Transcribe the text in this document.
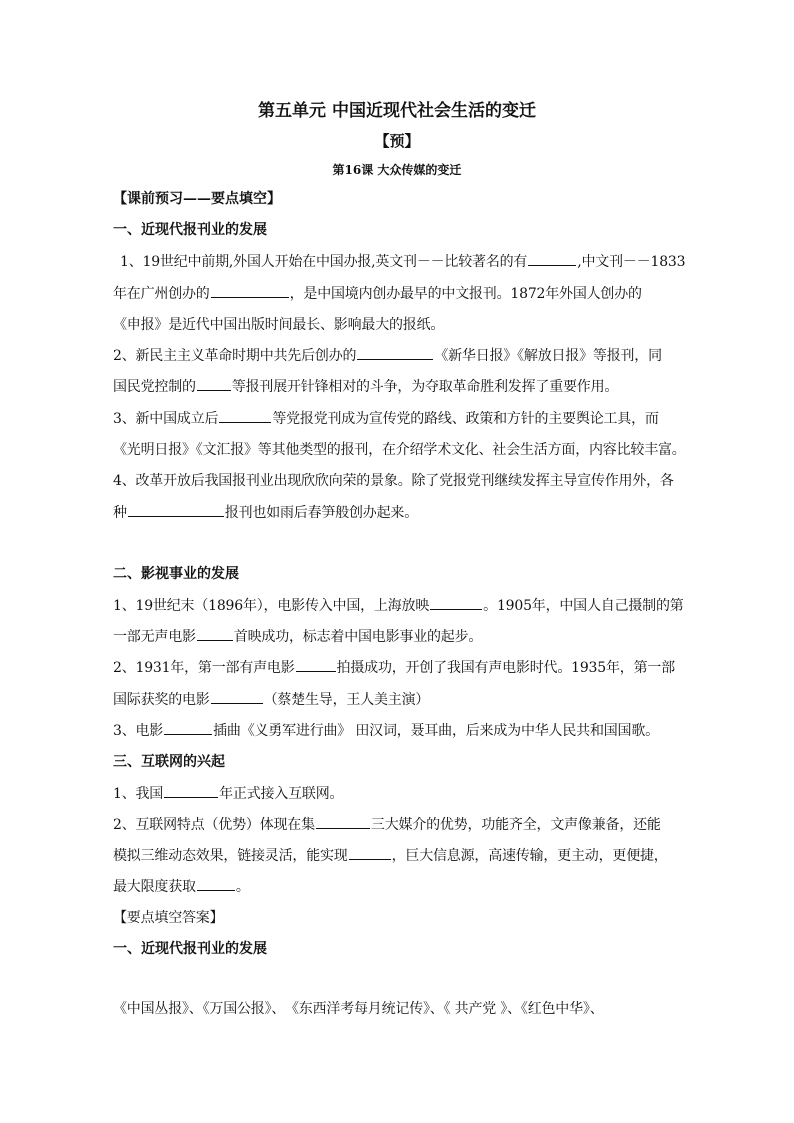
第五单元 中国近现代社会生活的变迁
【预】
第16课 大众传媒的变迁
【课前预习——要点填空】
一、近现代报刊业的发展
1、19世纪中前期,外国人开始在中国办报,英文刊－－比较著名的有	,中文刊－－1833
年在广州创办的	，是中国境内创办最早的中文报刊。1872年外国人创办的
《申报》是近代中国出版时间最长、影响最大的报纸。
2、新民主主义革命时期中共先后创办的	《新华日报》《解放日报》等报刊，同
国民党控制的	等报刊展开针锋相对的斗争，为夺取革命胜利发挥了重要作用。
3、新中国成立后	等党报党刊成为宣传党的路线、政策和方针的主要舆论工具，而
《光明日报》《文汇报》等其他类型的报刊，在介绍学术文化、社会生活方面，内容比较丰富。
4、改革开放后我国报刊业出现欣欣向荣的景象。除了党报党刊继续发挥主导宣传作用外，各
种	报刊也如雨后春笋般创办起来。
二、影视事业的发展
1、19世纪末（1896年），电影传入中国，上海放映	。1905年，中国人自己摄制的第
一部无声电影	首映成功，标志着中国电影事业的起步。
2、1931年，第一部有声电影	拍摄成功，开创了我国有声电影时代。1935年，第一部
国际获奖的电影	（蔡楚生导，王人美主演）
3、电影	插曲《义勇军进行曲》 田汉词，聂耳曲，后来成为中华人民共和国国歌。
三、互联网的兴起
1、我国	年正式接入互联网。
2、互联网特点（优势）体现在集	三大媒介的优势，功能齐全，文声像兼备，还能
模拟三维动态效果，链接灵活，能实现	，巨大信息源，高速传输，更主动，更便捷，
最大限度获取	。
【要点填空答案】
一、近现代报刊业的发展
《中国丛报》、《万国公报》、　《东西洋考每月统记传》、《 共产党 》、《红色中华》、
